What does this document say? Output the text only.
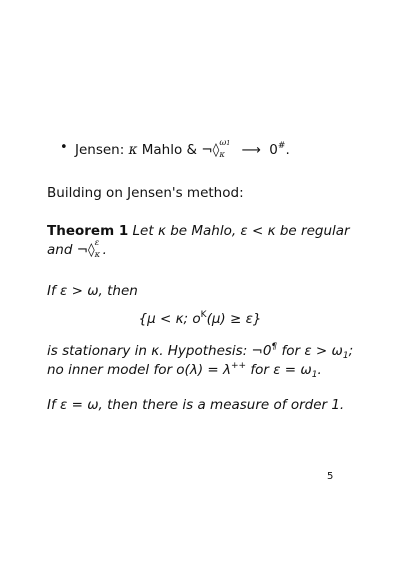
• Jensen: κ Mahlo & ¬◊ ω1
κ ⟶ 0#.
Building on Jensen's method:
Theorem 1 Let κ be Mahlo, ε < κ be regular
and ¬◊ ε
κ .
If ε > ω, then
{μ < κ; $o^K(\mu) \ge \varepsilon$}
is stationary in κ. Hypothesis: ¬0¶ for $\varepsilon > \omega_1$;
no inner model for o(λ) = λ++ for $\varepsilon = \omega_1$.
If ε = ω, then there is a measure of order 1.
5
